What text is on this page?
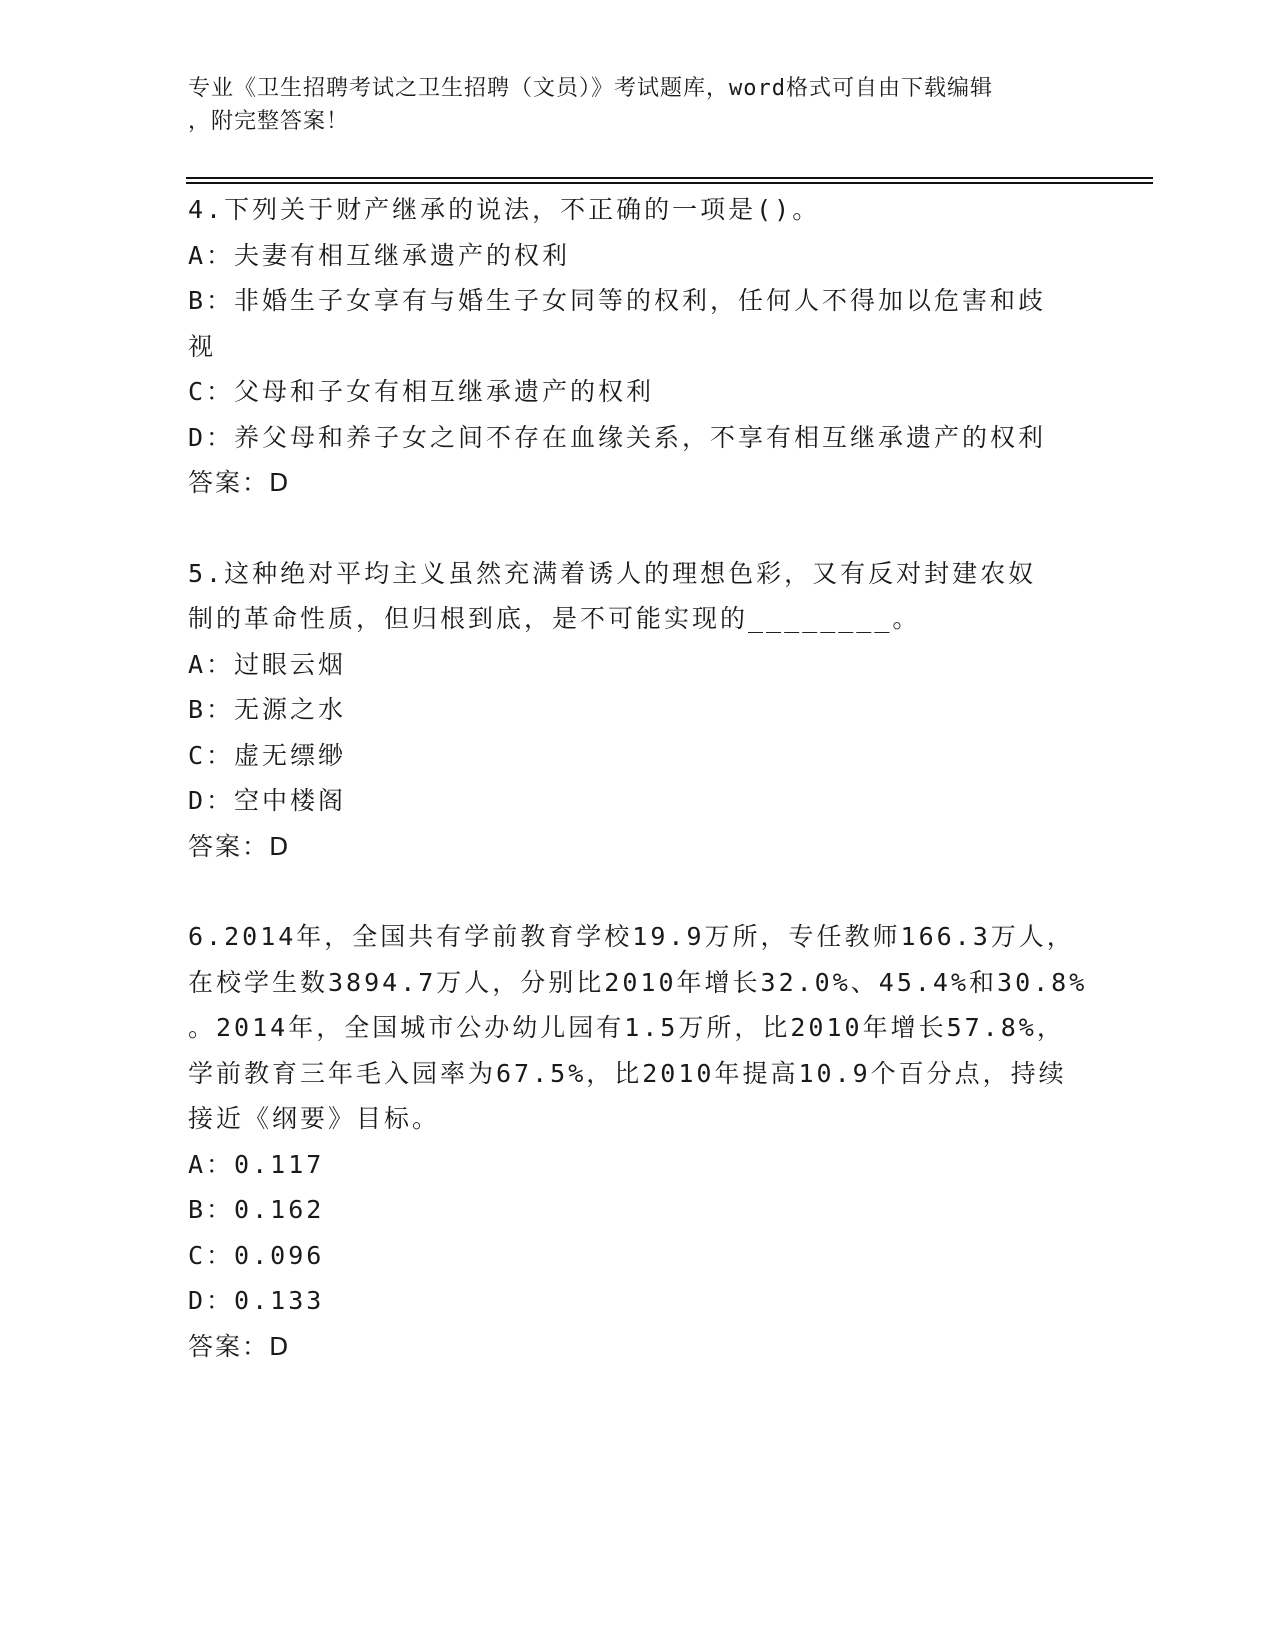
专业《卫生招聘考试之卫生招聘（文员）》考试题库，word格式可自由下载编辑
，附完整答案！
4.下列关于财产继承的说法，不正确的一项是()。
A：夫妻有相互继承遗产的权利
B：非婚生子女享有与婚生子女同等的权利，任何人不得加以危害和歧
视
C：父母和子女有相互继承遗产的权利
D：养父母和养子女之间不存在血缘关系，不享有相互继承遗产的权利
答案：D
5.这种绝对平均主义虽然充满着诱人的理想色彩，又有反对封建农奴
制的革命性质，但归根到底，是不可能实现的________。
A：过眼云烟
B：无源之水
C：虚无缥缈
D：空中楼阁
答案：D
6.2014年，全国共有学前教育学校19.9万所，专任教师166.3万人，
在校学生数3894.7万人，分别比2010年增长32.0%、45.4%和30.8%
。2014年，全国城市公办幼儿园有1.5万所，比2010年增长57.8%，
学前教育三年毛入园率为67.5%，比2010年提高10.9个百分点，持续
接近《纲要》目标。
A：0.117
B：0.162
C：0.096
D：0.133
答案：D
